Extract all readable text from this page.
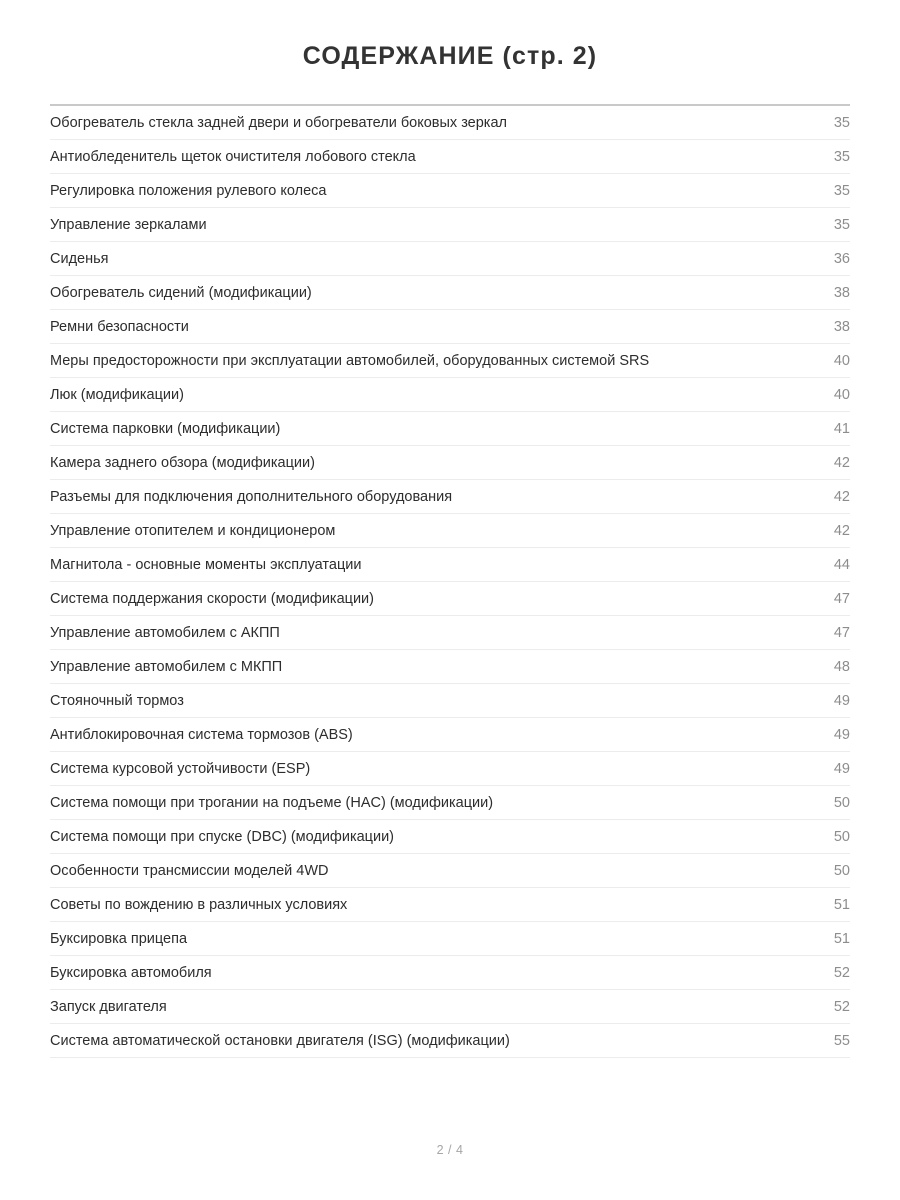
СОДЕРЖАНИЕ (стр. 2)
Обогреватель стекла задней двери и обогреватели боковых зеркал	35
Антиобледенитель щеток очистителя лобового стекла	35
Регулировка положения рулевого колеса	35
Управление зеркалами	35
Сиденья	36
Обогреватель сидений (модификации)	38
Ремни безопасности	38
Меры предосторожности при эксплуатации автомобилей, оборудованных системой SRS	40
Люк (модификации)	40
Система парковки (модификации)	41
Камера заднего обзора (модификации)	42
Разъемы для подключения дополнительного оборудования	42
Управление отопителем и кондиционером	42
Магнитола - основные моменты эксплуатации	44
Система поддержания скорости (модификации)	47
Управление автомобилем с АКПП	47
Управление автомобилем с МКПП	48
Стояночный тормоз	49
Антиблокировочная система тормозов (ABS)	49
Система курсовой устойчивости (ESP)	49
Система помощи при трогании на подъеме (HAC) (модификации)	50
Система помощи при спуске (DBC) (модификации)	50
Особенности трансмиссии моделей 4WD	50
Советы по вождению в различных условиях	51
Буксировка прицепа	51
Буксировка автомобиля	52
Запуск двигателя	52
Система автоматической остановки двигателя (ISG) (модификации)	55
2 / 4
